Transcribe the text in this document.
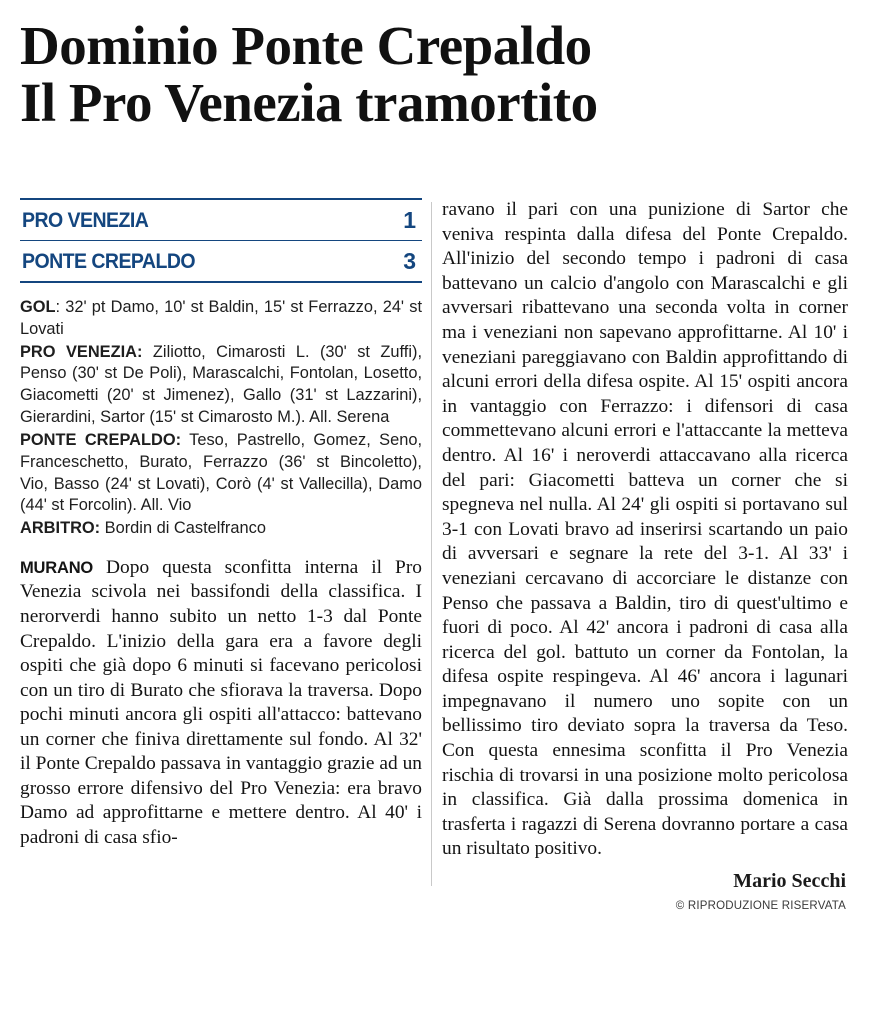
Dominio Ponte Crepaldo
Il Pro Venezia tramortito
PRO VENEZIA	1
PONTE CREPALDO	3

GOL: 32' pt Damo, 10' st Baldin, 15' st Ferrazzo, 24' st Lovati

PRO VENEZIA: Ziliotto, Cimarosti L. (30' st Zuffi), Penso (30' st De Poli), Marascalchi, Fontolan, Losetto, Giacometti (20' st Jimenez), Gallo (31' st Lazzarini), Gierardini, Sartor (15' st Cimarosto M.). All. Serena

PONTE CREPALDO: Teso, Pastrello, Gomez, Seno, Franceschetto, Burato, Ferrazzo (36' st Bincoletto), Vio, Basso (24' st Lovati), Corò (4' st Vallecilla), Damo (44' st Forcolin). All. Vio

ARBITRO: Bordin di Castelfranco

MURANO Dopo questa sconfitta interna il Pro Venezia scivola nei bassifondi della classifica. I nerorverdi hanno subito un netto 1-3 dal Ponte Crepaldo. L'inizio della gara era a favore degli ospiti che già dopo 6 minuti si facevano pericolosi con un tiro di Burato che sfiorava la traversa. Dopo pochi minuti ancora gli ospiti all'attacco: battevano un corner che finiva direttamente sul fondo. Al 32' il Ponte Crepaldo passava in vantaggio grazie ad un grosso errore difensivo del Pro Venezia: era bravo Damo ad approfittarne e mettere dentro. Al 40' i padroni di casa sfio-

ravano il pari con una punizione di Sartor che veniva respinta dalla difesa del Ponte Crepaldo. All'inizio del secondo tempo i padroni di casa battevano un calcio d'angolo con Marascalchi e gli avversari ribattevano una seconda volta in corner ma i veneziani non sapevano approfittarne. Al 10' i veneziani pareggiavano con Baldin approfittando di alcuni errori della difesa ospite. Al 15' ospiti ancora in vantaggio con Ferrazzo: i difensori di casa commettevano alcuni errori e l'attaccante la metteva dentro. Al 16' i neroverdi attaccavano alla ricerca del pari: Giacometti batteva un corner che si spegneva nel nulla. Al 24' gli ospiti si portavano sul 3-1 con Lovati bravo ad inserirsi scartando un paio di avversari e segnare la rete del 3-1. Al 33' i veneziani cercavano di accorciare le distanze con Penso che passava a Baldin, tiro di quest'ultimo e fuori di poco. Al 42' ancora i padroni di casa alla ricerca del gol. battuto un corner da Fontolan, la difesa ospite respingeva. Al 46' ancora i lagunari impegnavano il numero uno sopite con un bellissimo tiro deviato sopra la traversa da Teso. Con questa ennesima sconfitta il Pro Venezia rischia di trovarsi in una posizione molto pericolosa in classifica. Già dalla prossima domenica in trasferta i ragazzi di Serena dovranno portare a casa un risultato positivo.

Mario Secchi
© RIPRODUZIONE RISERVATA
